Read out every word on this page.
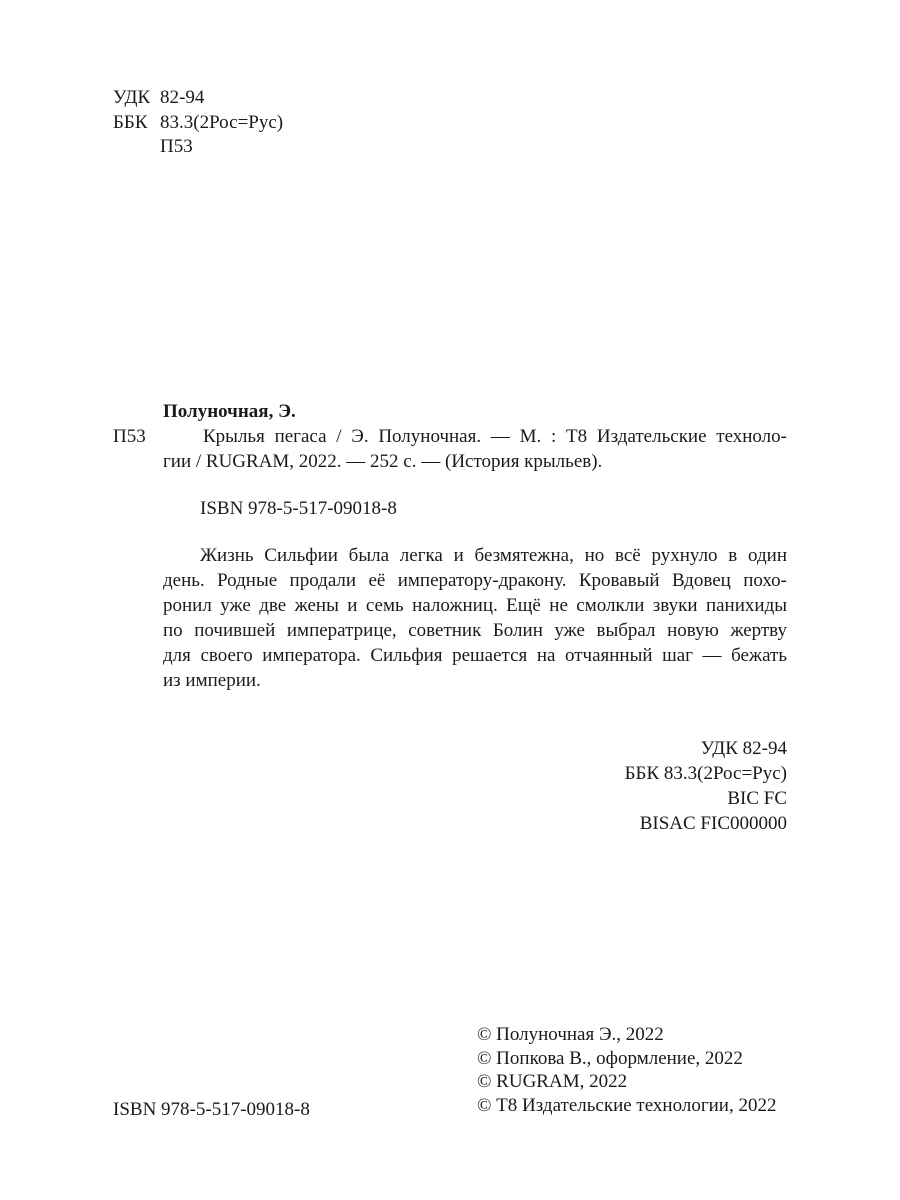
УДК 82-94
ББК 83.3(2Рос=Рус)
П53
Полуночная, Э.
П53	Крылья пегаса / Э. Полуночная. — М. : Т8 Издательские техноло-
гии / RUGRAM, 2022. — 252 с. — (История крыльев).
ISBN 978-5-517-09018-8
Жизнь Сильфии была легка и безмятежна, но всё рухнуло в один
день. Родные продали её императору-дракону. Кровавый Вдовец похо-
ронил уже две жены и семь наложниц. Ещё не смолкли звуки панихиды
по почившей императрице, советник Болин уже выбрал новую жертву
для своего императора. Сильфия решается на отчаянный шаг — бежать
из империи.
УДК 82-94
ББК 83.3(2Рос=Рус)
BIC FC
BISAC FIC000000
ISBN 978-5-517-09018-8
© Полуночная Э., 2022
© Попкова В., оформление, 2022
© RUGRAM, 2022
© Т8 Издательские технологии, 2022
